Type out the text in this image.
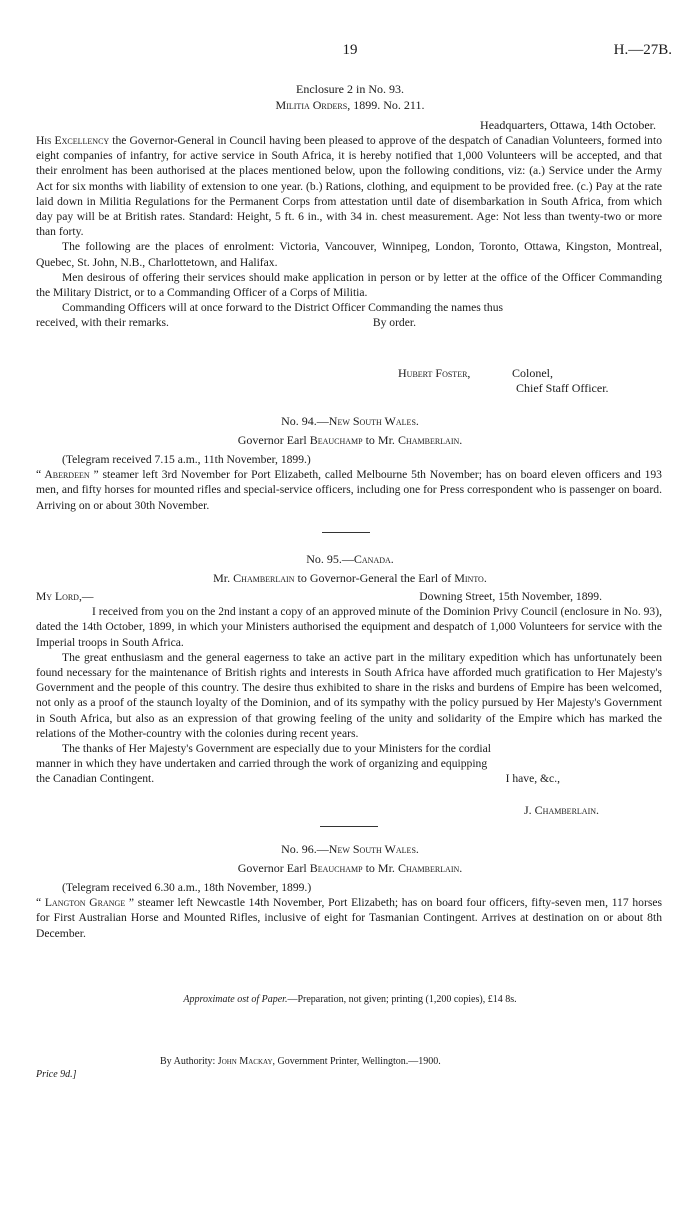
19	H.—27B.
Enclosure 2 in No. 93.
Militia Orders, 1899. No. 211.
Headquarters, Ottawa, 14th October.

His Excellency the Governor-General in Council having been pleased to approve of the despatch of Canadian Volunteers, formed into eight companies of infantry, for active service in South Africa, it is hereby notified that 1,000 Volunteers will be accepted, and that their enrolment has been authorised at the places mentioned below, upon the following conditions, viz: (a.) Service under the Army Act for six months with liability of extension to one year. (b.) Rations, clothing, and equipment to be provided free. (c.) Pay at the rate laid down in Militia Regulations for the Permanent Corps from attestation until date of disembarkation in South Africa, from which day pay will be at British rates. Standard: Height, 5 ft. 6 in., with 34 in. chest measurement. Age: Not less than twenty-two or more than forty.

The following are the places of enrolment: Victoria, Vancouver, Winnipeg, London, Toronto, Ottawa, Kingston, Montreal, Quebec, St. John, N.B., Charlottetown, and Halifax.

Men desirous of offering their services should make application in person or by letter at the office of the Officer Commanding the Military District, or to a Commanding Officer of a Corps of Militia.

Commanding Officers will at once forward to the District Officer Commanding the names thus

received, with their remarks.	By order.
Hubert Foster,	Colonel,
Chief Staff Officer.
No. 94.—New South Wales.
Governor Earl Beauchamp to Mr. Chamberlain.

(Telegram received 7.15 a.m., 11th November, 1899.)

“ Aberdeen ” steamer left 3rd November for Port Elizabeth, called Melbourne 5th November; has on board eleven officers and 193 men, and fifty horses for mounted rifles and special-service officers, including one for Press correspondent who is passenger on board. Arriving on or about 30th November.

No. 95.—Canada.
Mr. Chamberlain to Governor-General the Earl of Minto.
My Lord,—	Downing Street, 15th November, 1899.

I received from you on the 2nd instant a copy of an approved minute of the Dominion Privy Council (enclosure in No. 93), dated the 14th October, 1899, in which your Ministers authorised the equipment and despatch of 1,000 Volunteers for service with the Imperial troops in South Africa.

The great enthusiasm and the general eagerness to take an active part in the military expedition which has unfortunately been found necessary for the maintenance of British rights and interests in South Africa have afforded much gratification to Her Majesty's Government and the people of this country. The desire thus exhibited to share in the risks and burdens of Empire has been welcomed, not only as a proof of the staunch loyalty of the Dominion, and of its sympathy with the policy pursued by Her Majesty's Government in South Africa, but also as an expression of that growing feeling of the unity and solidarity of the Empire which has marked the relations of the Mother-country with the colonies during recent years.

The thanks of Her Majesty's Government are especially due to your Ministers for the cordial

manner in which they have undertaken and carried through the work of organizing and equipping

the Canadian Contingent.	I have, &c.,
J. Chamberlain.
No. 96.—New South Wales.
Governor Earl Beauchamp to Mr. Chamberlain.

(Telegram received 6.30 a.m., 18th November, 1899.)

“ Langton Grange ” steamer left Newcastle 14th November, Port Elizabeth; has on board four officers, fifty-seven men, 117 horses for First Australian Horse and Mounted Rifles, inclusive of eight for Tasmanian Contingent. Arrives at destination on or about 8th December.

Approximate ost of Paper.—Preparation, not given; printing (1,200 copies), £14 8s.
By Authority: John Mackay, Government Printer, Wellington.—1900.
Price 9d.]
